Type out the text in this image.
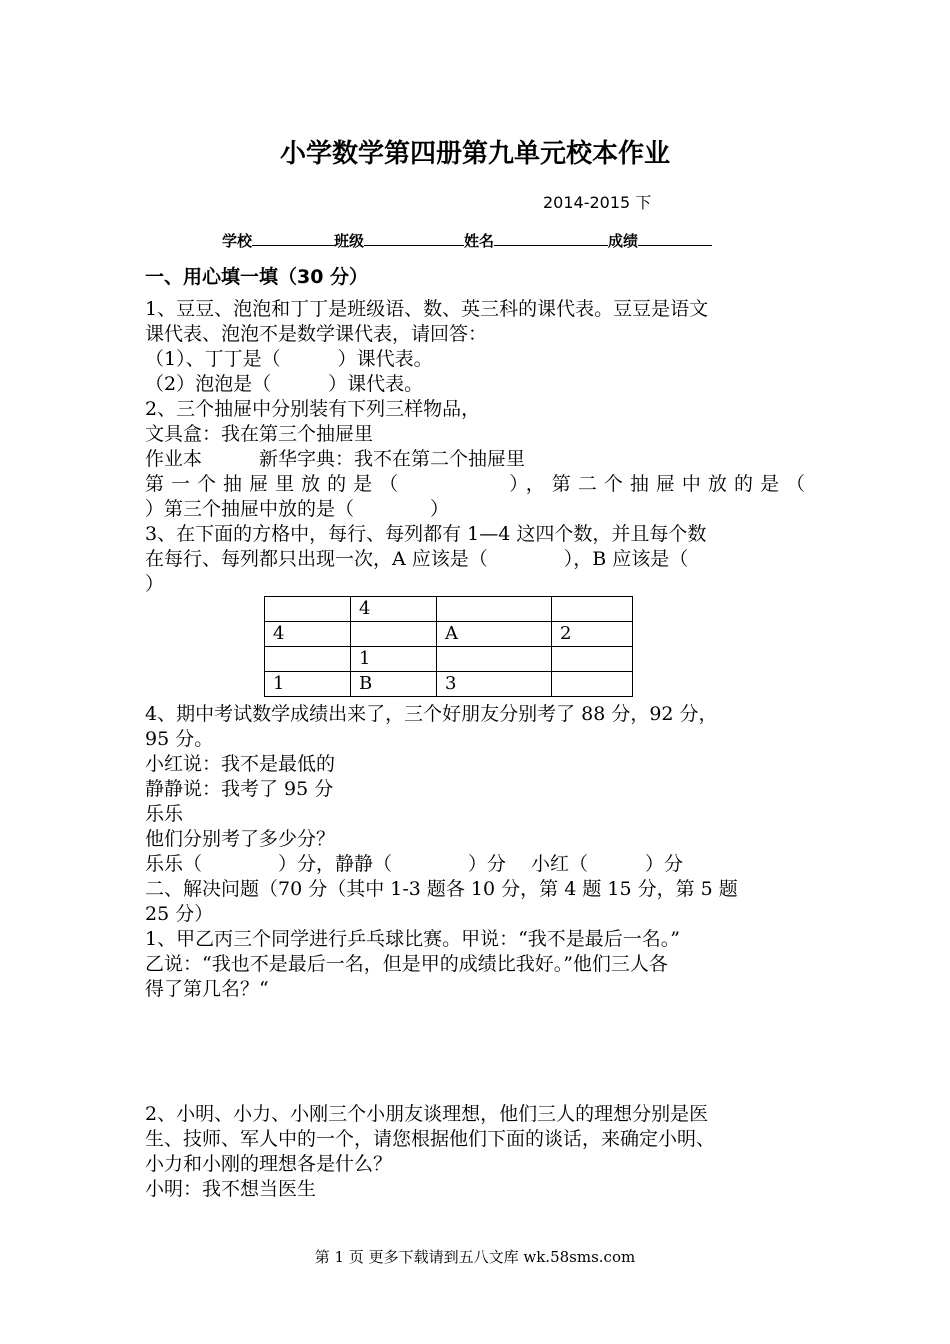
小学数学第四册第九单元校本作业
2014-2015 下
学校	班级	姓名	成绩
一、用心填一填（30 分）
1、豆豆、泡泡和丁丁是班级语、数、英三科的课代表。豆豆是语文
课代表、泡泡不是数学课代表，请回答：
（1）、丁丁是（　　　）课代表。
（2）泡泡是（　　　）课代表。
2、三个抽屉中分别装有下列三样物品，
文具盒：我在第三个抽屉里
作业本　　　新华字典：我不在第二个抽屉里
第一个抽屉里放的是（　　　　），第二个抽屉中放的是（
）第三个抽屉中放的是（　　　　）
3、在下面的方格中，每行、每列都有 1—4 这四个数，并且每个数
在每行、每列都只出现一次，A 应该是（　　　　），B 应该是（
）
	4		
4		A	2
	1		
1	B	3	
4、期中考试数学成绩出来了，三个好朋友分别考了 88 分，92 分，
95 分。
小红说：我不是最低的
静静说：我考了 95 分
乐乐
他们分别考了多少分？
乐乐（　　　　）分，静静（　　　　）分　 小红（　　　）分
二、解决问题（70 分（其中 1-3 题各 10 分，第 4 题 15 分，第 5 题
25 分）
1、甲乙丙三个同学进行乒乓球比赛。甲说：“我不是最后一名。”
乙说：“我也不是最后一名，但是甲的成绩比我好。”他们三人各
得了第几名？“
2、小明、小力、小刚三个小朋友谈理想，他们三人的理想分别是医
生、技师、军人中的一个，请您根据他们下面的谈话，来确定小明、
小力和小刚的理想各是什么？
小明：我不想当医生
第 1 页 更多下载请到五八文库 wk.58sms.com
